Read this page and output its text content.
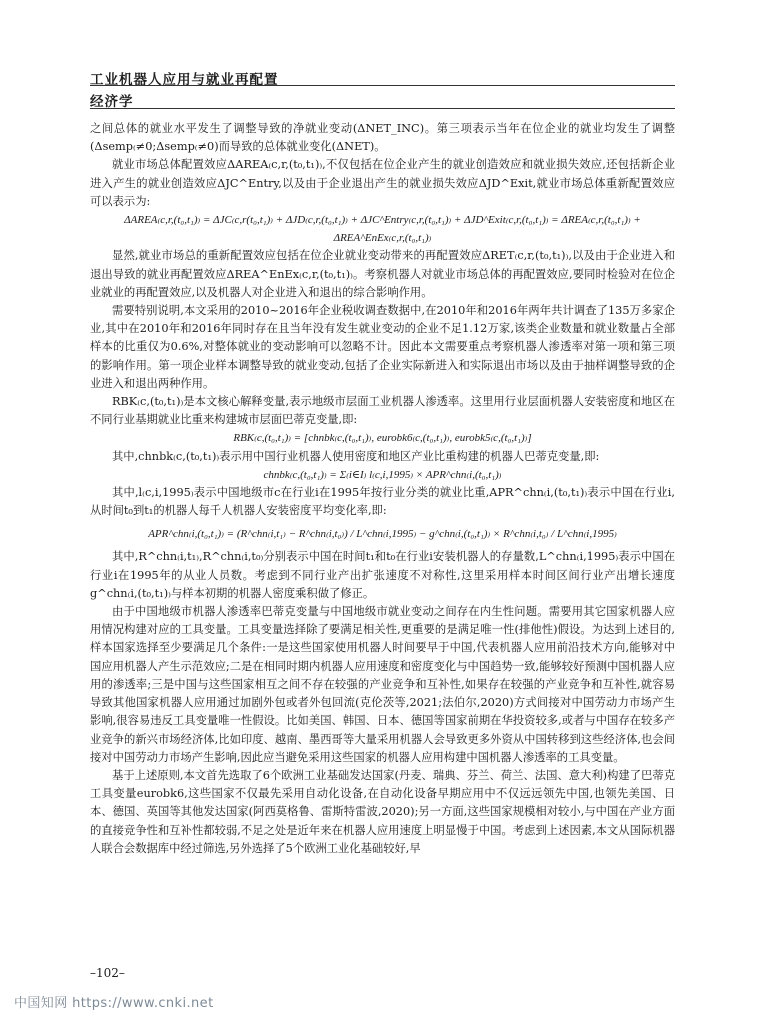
工业机器人应用与就业再配置
经济学

之间总体的就业水平发生了调整导致的净就业变动(ΔNET_INC)。第三项表示当年在位企业的就业均发生了调整(Δsemp₍≠0;Δsemp₍≠0)而导致的总体就业变化(ΔNET)。

就业市场总体配置效应ΔAREA₍c,r,(t₀,t₁)₎,不仅包括在位企业产生的就业创造效应和就业损失效应,还包括新企业进入产生的就业创造效应ΔJC^Entry,以及由于企业退出产生的就业损失效应ΔJD^Exit,就业市场总体重新配置效应可以表示为:

ΔAREA₍c,r,(t₀,t₁)₎ = ΔJC₍c,r(t₀,t₁)₎ + ΔJD₍c,r,(t₀,t₁)₎ + ΔJC^Entry₍c,r,(t₀,t₁)₎ + ΔJD^Exit₍c,r,(t₀,t₁)₎ = ΔREA₍c,r,(t₀,t₁)₎ + ΔREA^EnEx₍c,r,(t₀,t₁)₎

显然,就业市场总的重新配置效应包括在位企业就业变动带来的再配置效应ΔRET₍c,r,(t₀,t₁)₎,以及由于企业进入和退出导致的就业再配置效应ΔREA^EnEx₍c,r,(t₀,t₁)₎。考察机器人对就业市场总体的再配置效应,要同时检验对在位企业就业的再配置效应,以及机器人对企业进入和退出的综合影响作用。

需要特别说明,本文采用的2010~2016年企业税收调查数据中,在2010年和2016年两年共计调查了135万多家企业,其中在2010年和2016年同时存在且当年没有发生就业变动的企业不足1.12万家,该类企业数量和就业数量占全部样本的比重仅为0.6%,对整体就业的变动影响可以忽略不计。因此本文需要重点考察机器人渗透率对第一项和第三项的影响作用。第一项企业样本调整导致的就业变动,包括了企业实际新进入和实际退出市场以及由于抽样调整导致的企业进入和退出两种作用。

RBK₍c,(t₀,t₁)₎是本文核心解释变量,表示地级市层面工业机器人渗透率。这里用行业层面机器人安装密度和地区在不同行业基期就业比重来构建城市层面巴蒂克变量,即:

RBK₍c,(t₀,t₁)₎ = [chnbk₍c,(t₀,t₁)₎, eurobk6₍c,(t₀,t₁)₎, eurobk5₍c,(t₀,t₁)₎]

其中,chnbk₍c,(t₀,t₁)₎表示用中国行业机器人使用密度和地区产业比重构建的机器人巴蒂克变量,即:

chnbk₍c,(t₀,t₁)₎ = Σ₍i∈I₎ l₍c,i,1995₎ × APR^chn₍i,(t₀,t₁)₎

其中,l₍c,i,1995₎表示中国地级市c在行业i在1995年按行业分类的就业比重,APR^chn₍i,(t₀,t₁)₎表示中国在行业i,从时间t₀到t₁的机器人每千人机器人安装密度平均变化率,即:

APR^chn₍i,(t₀,t₁)₎ = (R^chn₍i,t₁₎ − R^chn₍i,t₀₎) / L^chn₍i,1995₎ − g^chn₍i,(t₀,t₁)₎ × R^chn₍i,t₀₎ / L^chn₍i,1995₎

其中,R^chn₍i,t₁₎,R^chn₍i,t₀₎分别表示中国在时间t₁和t₀在行业i安装机器人的存量数,L^chn₍i,1995₎表示中国在行业i在1995年的从业人员数。考虑到不同行业产出扩张速度不对称性,这里采用样本时间区间行业产出增长速度g^chn₍i,(t₀,t₁)₎与样本初期的机器人密度乘积做了修正。

由于中国地级市机器人渗透率巴蒂克变量与中国地级市就业变动之间存在内生性问题。需要用其它国家机器人应用情况构建对应的工具变量。工具变量选择除了要满足相关性,更重要的是满足唯一性(排他性)假设。为达到上述目的,样本国家选择至少要满足几个条件:一是这些国家使用机器人时间要早于中国,代表机器人应用前沿技术方向,能够对中国应用机器人产生示范效应;二是在相同时期内机器人应用速度和密度变化与中国趋势一致,能够较好预测中国机器人应用的渗透率;三是中国与这些国家相互之间不存在较强的产业竞争和互补性,如果存在较强的产业竞争和互补性,就容易导致其他国家机器人应用通过加剧外包或者外包回流(克伦茨等,2021;法伯尔,2020)方式间接对中国劳动力市场产生影响,很容易违反工具变量唯一性假设。比如美国、韩国、日本、德国等国家前期在华投资较多,或者与中国存在较多产业竞争的新兴市场经济体,比如印度、越南、墨西哥等大量采用机器人会导致更多外资从中国转移到这些经济体,也会间接对中国劳动力市场产生影响,因此应当避免采用这些国家的机器人应用构建中国机器人渗透率的工具变量。

基于上述原则,本文首先选取了6个欧洲工业基础发达国家(丹麦、瑞典、芬兰、荷兰、法国、意大利)构建了巴蒂克工具变量eurobk6,这些国家不仅最先采用自动化设备,在自动化设备早期应用中不仅远远领先中国,也领先美国、日本、德国、英国等其他发达国家(阿西莫格鲁、雷斯特雷波,2020);另一方面,这些国家规模相对较小,与中国在产业方面的直接竞争性和互补性都较弱,不足之处是近年来在机器人应用速度上明显慢于中国。考虑到上述因素,本文从国际机器人联合会数据库中经过筛选,另外选择了5个欧洲工业化基础较好,早

–102–
中国知网 https://www.cnki.net
